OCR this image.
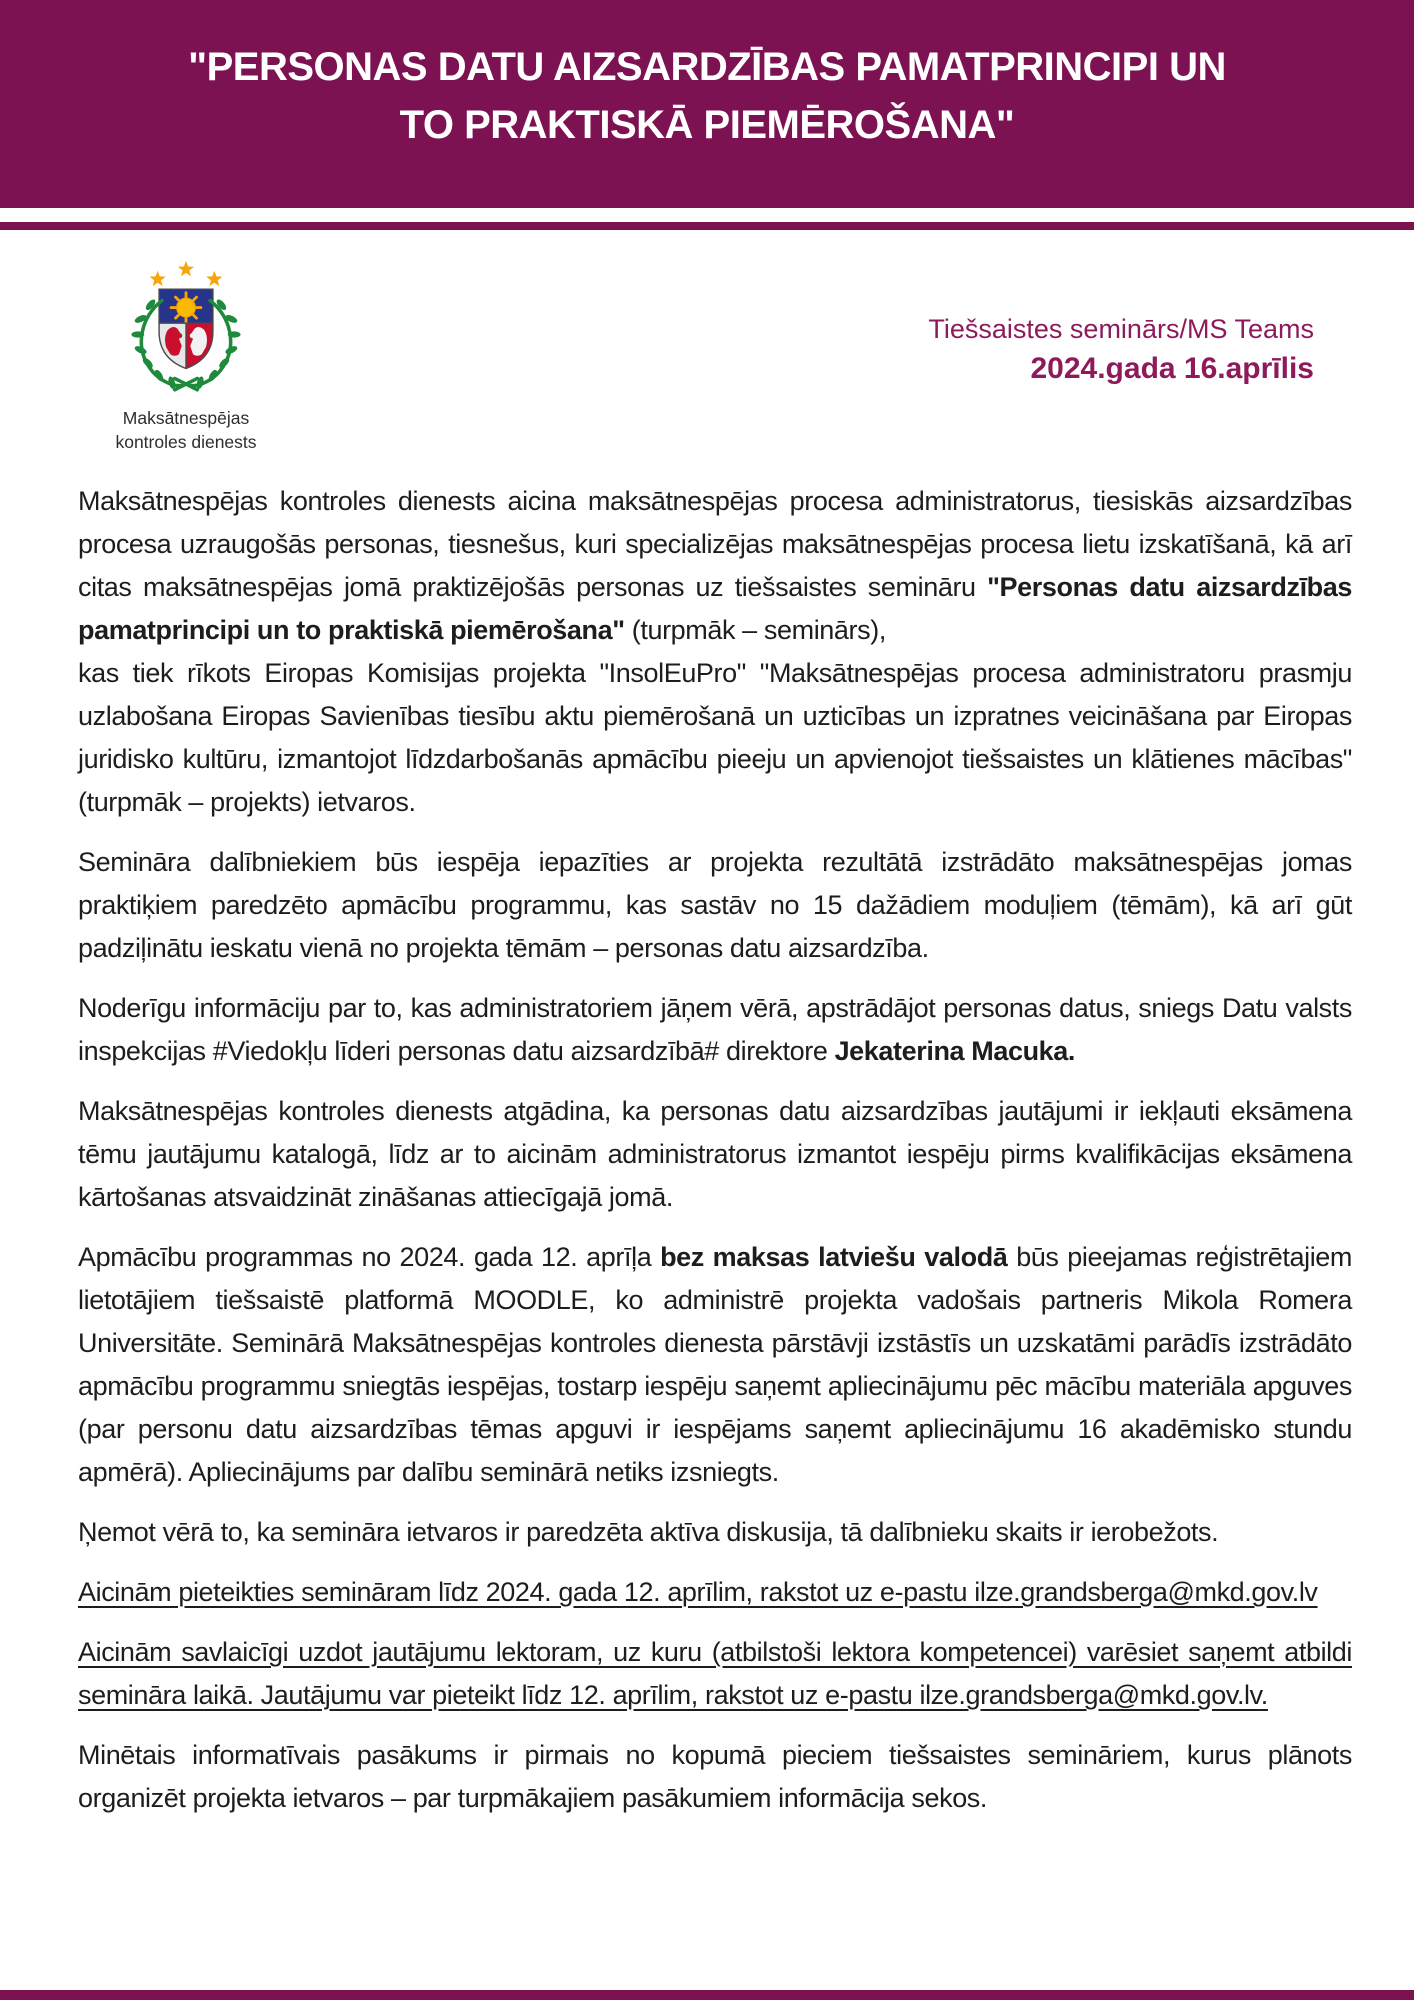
"PERSONAS DATU AIZSARDZĪBAS PAMATPRINCIPI UN
TO PRAKTISKĀ PIEMĒROŠANA"
Maksātnespējas
kontroles dienests
Tiešsaistes seminārs/MS Teams
2024.gada 16.aprīlis

Maksātnespējas kontroles dienests aicina maksātnespējas procesa administratorus, tiesiskās aizsardzības procesa uzraugošās personas, tiesnešus, kuri specializējas maksātnespējas procesa lietu izskatīšanā, kā arī citas maksātnespējas jomā praktizējošās personas uz tiešsaistes semināru "Personas datu aizsardzības pamatprincipi un to praktiskā piemērošana" (turpmāk – seminārs),
kas tiek rīkots Eiropas Komisijas projekta "InsolEuPro" "Maksātnespējas procesa administratoru prasmju uzlabošana Eiropas Savienības tiesību aktu piemērošanā un uzticības un izpratnes veicināšana par Eiropas juridisko kultūru, izmantojot līdzdarbošanās apmācību pieeju un apvienojot tiešsaistes un klātienes mācības" (turpmāk – projekts) ietvaros.

Semināra dalībniekiem būs iespēja iepazīties ar projekta rezultātā izstrādāto maksātnespējas jomas praktiķiem paredzēto apmācību programmu, kas sastāv no 15 dažādiem moduļiem (tēmām), kā arī gūt padziļinātu ieskatu vienā no projekta tēmām – personas datu aizsardzība.

Noderīgu informāciju par to, kas administratoriem jāņem vērā, apstrādājot personas datus, sniegs Datu valsts inspekcijas #Viedokļu līderi personas datu aizsardzībā# direktore Jekaterina Macuka.

Maksātnespējas kontroles dienests atgādina, ka personas datu aizsardzības jautājumi ir iekļauti eksāmena tēmu jautājumu katalogā, līdz ar to aicinām administratorus izmantot iespēju pirms kvalifikācijas eksāmena kārtošanas atsvaidzināt zināšanas attiecīgajā jomā.

Apmācību programmas no 2024. gada 12. aprīļa bez maksas latviešu valodā būs pieejamas reģistrētajiem lietotājiem tiešsaistē platformā MOODLE, ko administrē projekta vadošais partneris Mikola Romera Universitāte. Seminārā Maksātnespējas kontroles dienesta pārstāvji izstāstīs un uzskatāmi parādīs izstrādāto apmācību programmu sniegtās iespējas, tostarp iespēju saņemt apliecinājumu pēc mācību materiāla apguves (par personu datu aizsardzības tēmas apguvi ir iespējams saņemt apliecinājumu 16 akadēmisko stundu apmērā). Apliecinājums par dalību seminārā netiks izsniegts.

Ņemot vērā to, ka semināra ietvaros ir paredzēta aktīva diskusija, tā dalībnieku skaits ir ierobežots.

Aicinām pieteikties semināram līdz 2024. gada 12. aprīlim, rakstot uz e-pastu ilze.grandsberga@mkd.gov.lv

Aicinām savlaicīgi uzdot jautājumu lektoram, uz kuru (atbilstoši lektora kompetencei) varēsiet saņemt atbildi semināra laikā. Jautājumu var pieteikt līdz 12. aprīlim, rakstot uz e-pastu ilze.grandsberga@mkd.gov.lv.

Minētais informatīvais pasākums ir pirmais no kopumā pieciem tiešsaistes semināriem, kurus plānots organizēt projekta ietvaros – par turpmākajiem pasākumiem informācija sekos.
